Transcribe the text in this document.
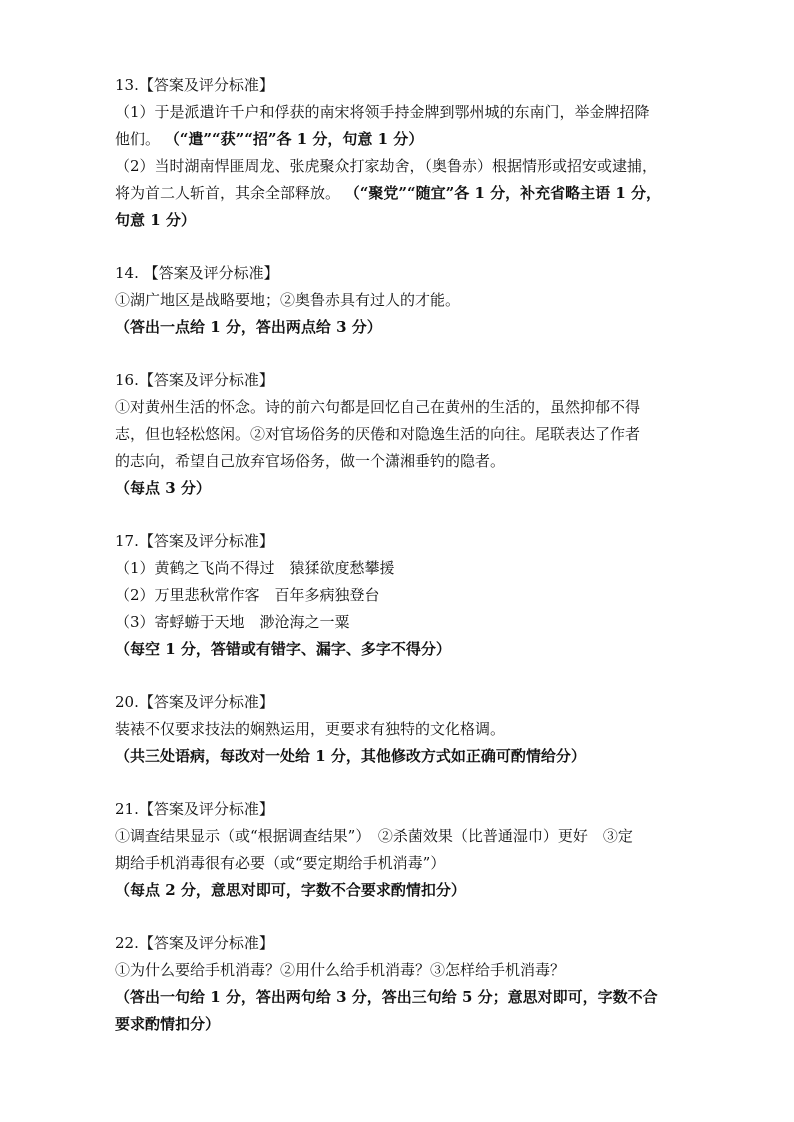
13.【答案及评分标准】
（1）于是派遣许千户和俘获的南宋将领手持金牌到鄂州城的东南门，举金牌招降
他们。 （“遣”“获”“招”各 1 分，句意 1 分）
（2）当时湖南悍匪周龙、张虎聚众打家劫舍，（奥鲁赤）根据情形或招安或逮捕，
将为首二人斩首，其余全部释放。 （“聚党”“随宜”各 1 分，补充省略主语 1 分，
句意 1 分）
14. 【答案及评分标准】
①湖广地区是战略要地；②奥鲁赤具有过人的才能。
（答出一点给 1 分，答出两点给 3 分）
16.【答案及评分标准】
①对黄州生活的怀念。诗的前六句都是回忆自己在黄州的生活的，虽然抑郁不得
志，但也轻松悠闲。②对官场俗务的厌倦和对隐逸生活的向往。尾联表达了作者
的志向，希望自己放弃官场俗务，做一个潇湘垂钓的隐者。
（每点 3 分）
17.【答案及评分标准】
（1）黄鹤之飞尚不得过　猿猱欲度愁攀援
（2）万里悲秋常作客　百年多病独登台
（3）寄蜉蝣于天地　渺沧海之一粟
（每空 1 分，答错或有错字、漏字、多字不得分）
20.【答案及评分标准】
装裱不仅要求技法的娴熟运用，更要求有独特的文化格调。
（共三处语病，每改对一处给 1 分，其他修改方式如正确可酌情给分）
21.【答案及评分标准】
①调查结果显示（或“根据调查结果”）　②杀菌效果（比普通湿巾）更好　③定
期给手机消毒很有必要（或“要定期给手机消毒”）
（每点 2 分，意思对即可，字数不合要求酌情扣分）
22.【答案及评分标准】
①为什么要给手机消毒？②用什么给手机消毒？③怎样给手机消毒？
（答出一句给 1 分，答出两句给 3 分，答出三句给 5 分；意思对即可，字数不合
要求酌情扣分）
